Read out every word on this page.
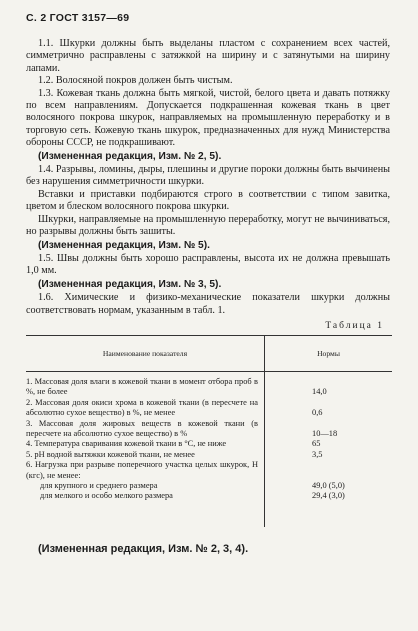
С. 2 ГОСТ 3157—69

1.1. Шкурки должны быть выделаны пластом с сохранением всех частей, симметрично расправлены с затяжкой на ширину и с затянутыми на ширину лапами.

1.2. Волосяной покров должен быть чистым.

1.3. Кожевая ткань должна быть мягкой, чистой, белого цвета и давать потяжку по всем направлениям. Допускается подкрашенная кожевая ткань в цвет волосяного покрова шкурок, направляемых на промышленную переработку и в торговую сеть. Кожевую ткань шкурок, предназначенных для нужд Министерства обороны СССР, не подкрашивают.

(Измененная редакция, Изм. № 2, 5).

1.4. Разрывы, ломины, дыры, плешины и другие пороки должны быть вычинены без нарушения симметричности шкурки.

Вставки и приставки подбираются строго в соответствии с типом завитка, цветом и блеском волосяного покрова шкурки.

Шкурки, направляемые на промышленную переработку, могут не вычиниваться, но разрывы должны быть зашиты.

(Измененная редакция, Изм. № 5).

1.5. Швы должны быть хорошо расправлены, высота их не должна превышать 1,0 мм.

(Измененная редакция, Изм. № 3, 5).

1.6. Химические и физико-механические показатели шкурки должны соответствовать нормам, указанным в табл. 1.

Таблица 1
Наименование показателя	Нормы
1. Массовая доля влаги в кожевой ткани в момент отбора проб в %, не более	14,0
2. Массовая доля окиси хрома в кожевой ткани (в пересчете на абсолютно сухое вещество) в %, не менее	0,6
3. Массовая доля жировых веществ в кожевой ткани (в пересчете на абсолютно сухое вещество) в %	10—18
4. Температура сваривания кожевой ткани в °С, не ниже	65
5. рН водной вытяжки кожевой ткани, не менее	3,5
6. Нагрузка при разрыве поперечного участка целых шкурок, Н (кгс), не менее:
для крупного и среднего размера	49,0 (5,0)
для мелкого и особо мелкого размера	29,4 (3,0)
(Измененная редакция, Изм. № 2, 3, 4).
